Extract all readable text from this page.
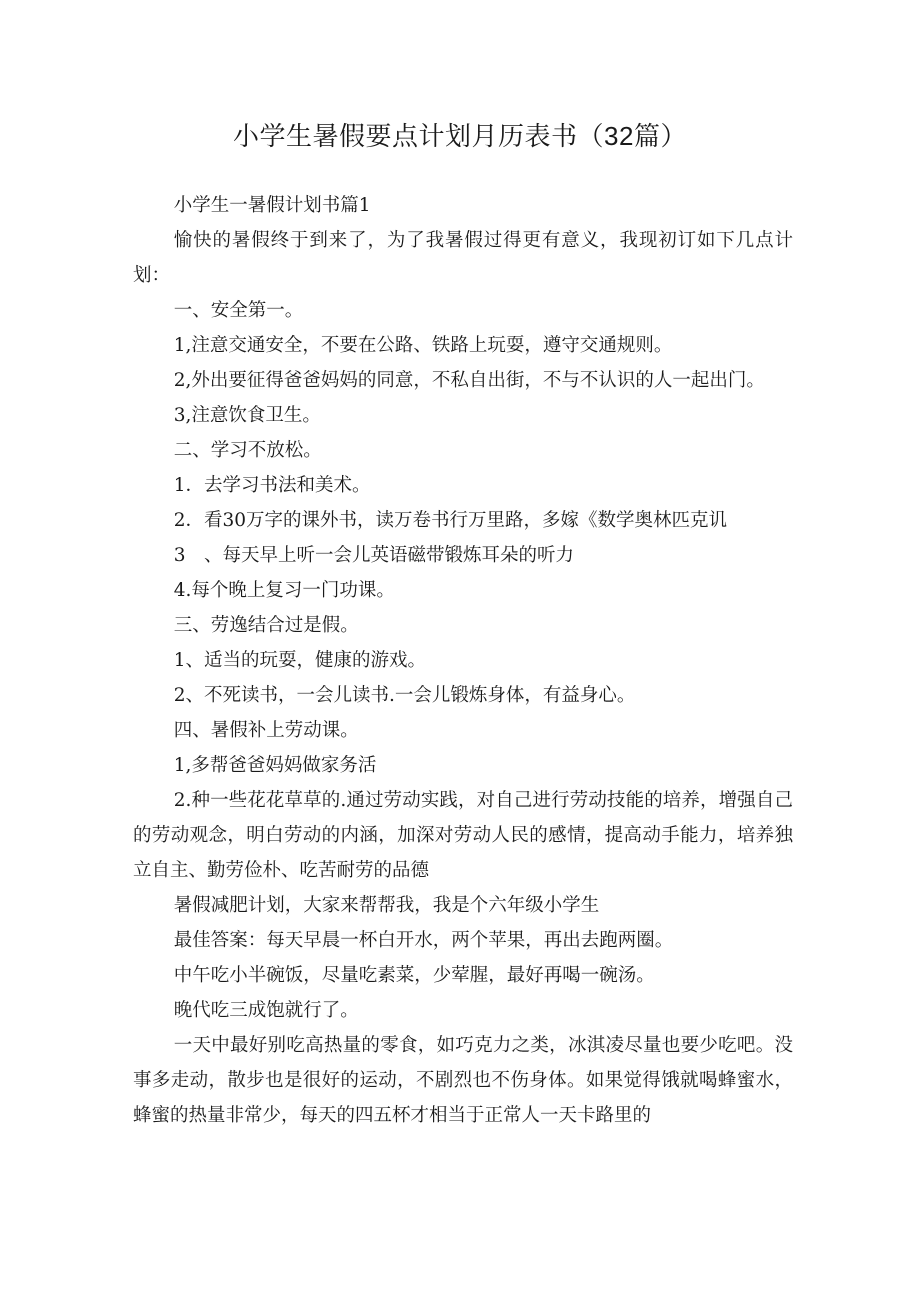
小学生暑假要点计划月历表书（32篇）

小学生一暑假计划书篇1

愉快的暑假终于到来了，为了我暑假过得更有意义，我现初订如下几点计划：

一、安全第一。

1,注意交通安全，不要在公路、铁路上玩耍，遵守交通规则。

2,外出要征得爸爸妈妈的同意，不私自出街，不与不认识的人一起出门。

3,注意饮食卫生。

二、学习不放松。

1．去学习书法和美术。

2．看30万字的课外书，读万卷书行万里路，多嫁《数学奥林匹克讥

3　、每天早上听一会儿英语磁带锻炼耳朵的听力

4.每个晚上复习一门功课。

三、劳逸结合过是假。

1、适当的玩耍，健康的游戏。

2、不死读书，一会儿读书.一会儿锻炼身体，有益身心。

四、暑假补上劳动课。

1,多帮爸爸妈妈做家务活

2.种一些花花草草的.通过劳动实践，对自己进行劳动技能的培养，增强自己的劳动观念，明白劳动的内涵，加深对劳动人民的感情，提高动手能力，培养独立自主、勤劳俭朴、吃苦耐劳的品德

暑假减肥计划，大家来帮帮我，我是个六年级小学生

最佳答案：每天早晨一杯白开水，两个苹果，再出去跑两圈。

中午吃小半碗饭，尽量吃素菜，少荤腥，最好再喝一碗汤。

晚代吃三成饱就行了。

一天中最好别吃高热量的零食，如巧克力之类，冰淇凌尽量也要少吃吧。没事多走动，散步也是很好的运动，不剧烈也不伤身体。如果觉得饿就喝蜂蜜水，蜂蜜的热量非常少，每天的四五杯才相当于正常人一天卡路里的
